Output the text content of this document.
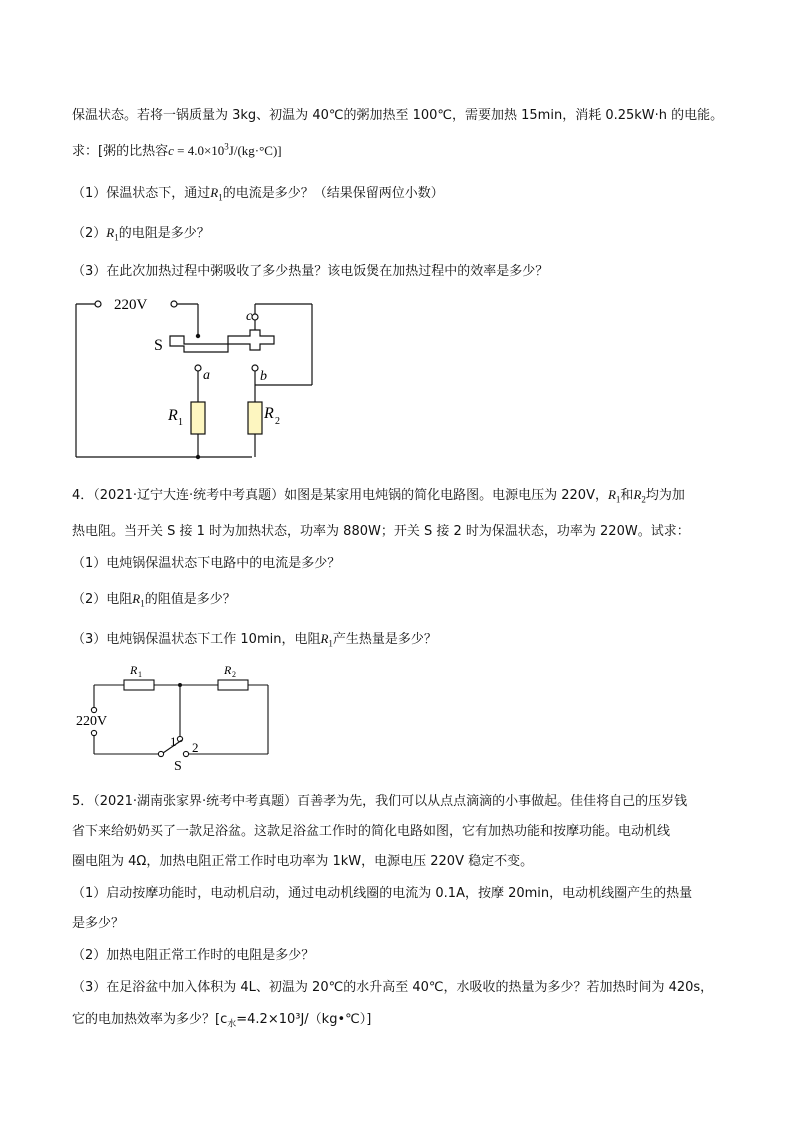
保温状态。若将一锅质量为 3kg、初温为 40℃的粥加热至 100℃，需要加热 15min，消耗 0.25kW·h 的电能。
求：[粥的比热容$c = 4.0\times 10^3J/(kg\cdot^\circ C)$]
（1）保温状态下，通过$R_1$的电流是多少？（结果保留两位小数）
$(2)R_1$的电阻是多少？
（3）在此次加热过程中粥吸收了多少热量？该电饭煲在加热过程中的效率是多少？
220V
S
a	b
c
R 1
R 2
4．（2021·辽宁大连·统考中考真题）如图是某家用电炖锅的简化电路图。电源电压为 220V，$R_1$和$R_2$均为加
热电阻。当开关 S 接 1 时为加热状态，功率为 880W；开关 S 接 2 时为保温状态，功率为 220W。试求：
（1）电炖锅保温状态下电路中的电流是多少？
（2）电阻$R_1$的阻值是多少？
（3）电炖锅保温状态下工作 10min，电阻$R_1$产生热量是多少？
R 1	R 2
220V
1 2
S
5．（2021·湖南张家界·统考中考真题）百善孝为先，我们可以从点点滴滴的小事做起。佳佳将自己的压岁钱
省下来给奶奶买了一款足浴盆。这款足浴盆工作时的简化电路如图，它有加热功能和按摩功能。电动机线
圈电阻为 4Ω，加热电阻正常工作时电功率为 1kW，电源电压 220V 稳定不变。
（1）启动按摩功能时，电动机启动，通过电动机线圈的电流为 0.1A，按摩 20min，电动机线圈产生的热量
是多少？
（2）加热电阻正常工作时的电阻是多少？
（3）在足浴盆中加入体积为 4L、初温为 20℃的水升高至 40℃，水吸收的热量为多少？若加热时间为 420s，
它的电加热效率为多少？$[c_水=4.2\times 10^3J/(kg•℃)]$
